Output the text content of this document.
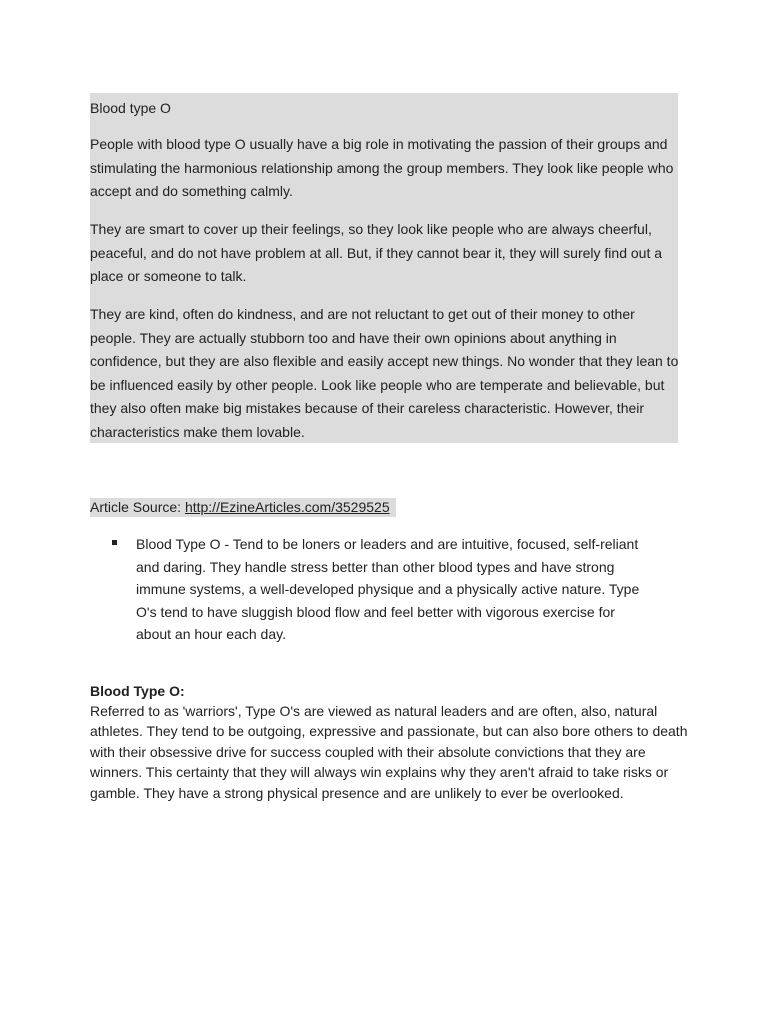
Blood type O

People with blood type O usually have a big role in motivating the passion of their groups and stimulating the harmonious relationship among the group members. They look like people who accept and do something calmly.

They are smart to cover up their feelings, so they look like people who are always cheerful, peaceful, and do not have problem at all. But, if they cannot bear it, they will surely find out a place or someone to talk.

They are kind, often do kindness, and are not reluctant to get out of their money to other people. They are actually stubborn too and have their own opinions about anything in confidence, but they are also flexible and easily accept new things. No wonder that they lean to be influenced easily by other people. Look like people who are temperate and believable, but they also often make big mistakes because of their careless characteristic. However, their characteristics make them lovable.

Article Source: http://EzineArticles.com/3529525

Blood Type O - Tend to be loners or leaders and are intuitive, focused, self-reliant and daring. They handle stress better than other blood types and have strong immune systems, a well-developed physique and a physically active nature. Type O's tend to have sluggish blood flow and feel better with vigorous exercise for about an hour each day.

Blood Type O:

Referred to as 'warriors', Type O's are viewed as natural leaders and are often, also, natural athletes. They tend to be outgoing, expressive and passionate, but can also bore others to death with their obsessive drive for success coupled with their absolute convictions that they are winners. This certainty that they will always win explains why they aren't afraid to take risks or gamble. They have a strong physical presence and are unlikely to ever be overlooked.
